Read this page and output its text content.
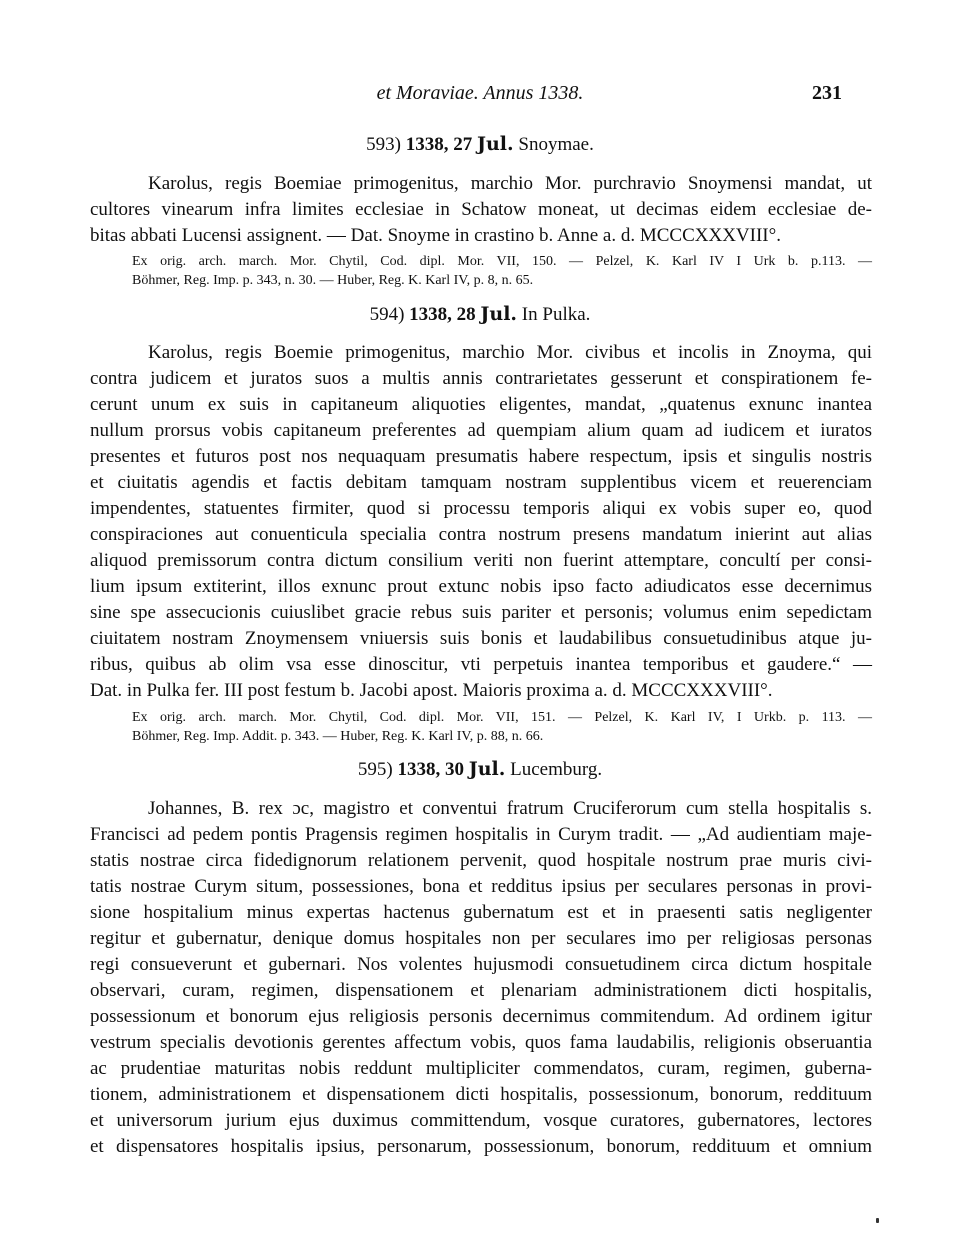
et Moraviae. Annus 1338.	231
593) 1338, 27 Jul. Snoymae.
Karolus, regis Boemiae primogenitus, marchio Mor. purchravio Snoymensi mandat, ut
cultores vinearum infra limites ecclesiae in Schatow moneat, ut decimas eidem ecclesiae de-
bitas abbati Lucensi assignent. — Dat. Snoyme in crastino b. Anne a. d. MCCCXXXVIII°.
Ex orig. arch. march. Mor. Chytil, Cod. dipl. Mor. VII, 150. — Pelzel, K. Karl IV I Urk b. p.113. —
Böhmer, Reg. Imp. p. 343, n. 30. — Huber, Reg. K. Karl IV, p. 8, n. 65.
594) 1338, 28 Jul. In Pulka.
Karolus, regis Boemie primogenitus, marchio Mor. civibus et incolis in Znoyma, qui
contra judicem et juratos suos a multis annis contrarietates gesserunt et conspirationem fe-
cerunt unum ex suis in capitaneum aliquoties eligentes, mandat, „quatenus exnunc inantea
nullum prorsus vobis capitaneum preferentes ad quempiam alium quam ad iudicem et iuratos
presentes et futuros post nos nequaquam presumatis habere respectum, ipsis et singulis nostris
et ciuitatis agendis et factis debitam tamquam nostram supplentibus vicem et reuerenciam
impendentes, statuentes firmiter, quod si processu temporis aliqui ex vobis super eo, quod
conspiraciones aut conuenticula specialia contra nostrum presens mandatum inierint aut alias
aliquod premissorum contra dictum consilium veriti non fuerint attemptare, concultí per consi-
lium ipsum extiterint, illos exnunc prout extunc nobis ipso facto adiudicatos esse decernimus
sine spe assecucionis cuiuslibet gracie rebus suis pariter et personis; volumus enim sepedictam
ciuitatem nostram Znoymensem vniuersis suis bonis et laudabilibus consuetudinibus atque ju-
ribus, quibus ab olim vsa esse dinoscitur, vti perpetuis inantea temporibus et gaudere.“ —
Dat. in Pulka fer. III post festum b. Jacobi apost. Maioris proxima a. d. MCCCXXXVIII°.
Ex orig. arch. march. Mor. Chytil, Cod. dipl. Mor. VII, 151. — Pelzel, K. Karl IV, I Urkb. p. 113. —
Böhmer, Reg. Imp. Addit. p. 343. — Huber, Reg. K. Karl IV, p. 88, n. 66.
595) 1338, 30 Jul. Lucemburg.
Johannes, B. rex ɔc, magistro et conventui fratrum Cruciferorum cum stella hospitalis s.
Francisci ad pedem pontis Pragensis regimen hospitalis in Curym tradit. — „Ad audientiam maje-
statis nostrae circa fidedignorum relationem pervenit, quod hospitale nostrum prae muris civi-
tatis nostrae Curym situm, possessiones, bona et redditus ipsius per seculares personas in provi-
sione hospitalium minus expertas hactenus gubernatum est et in praesenti satis negligenter
regitur et gubernatur, denique domus hospitales non per seculares imo per religiosas personas
regi consueverunt et gubernari. Nos volentes hujusmodi consuetudinem circa dictum hospitale
observari, curam, regimen, dispensationem et plenariam administrationem dicti hospitalis,
possessionum et bonorum ejus religiosis personis decernimus commitendum. Ad ordinem igitur
vestrum specialis devotionis gerentes affectum vobis, quos fama laudabilis, religionis obseruantia
ac prudentiae maturitas nobis reddunt multipliciter commendatos, curam, regimen, guberna-
tionem, administrationem et dispensationem dicti hospitalis, possessionum, bonorum, reddituum
et universorum jurium ejus duximus committendum, vosque curatores, gubernatores, lectores
et dispensatores hospitalis ipsius, personarum, possessionum, bonorum, reddituum et omnium
